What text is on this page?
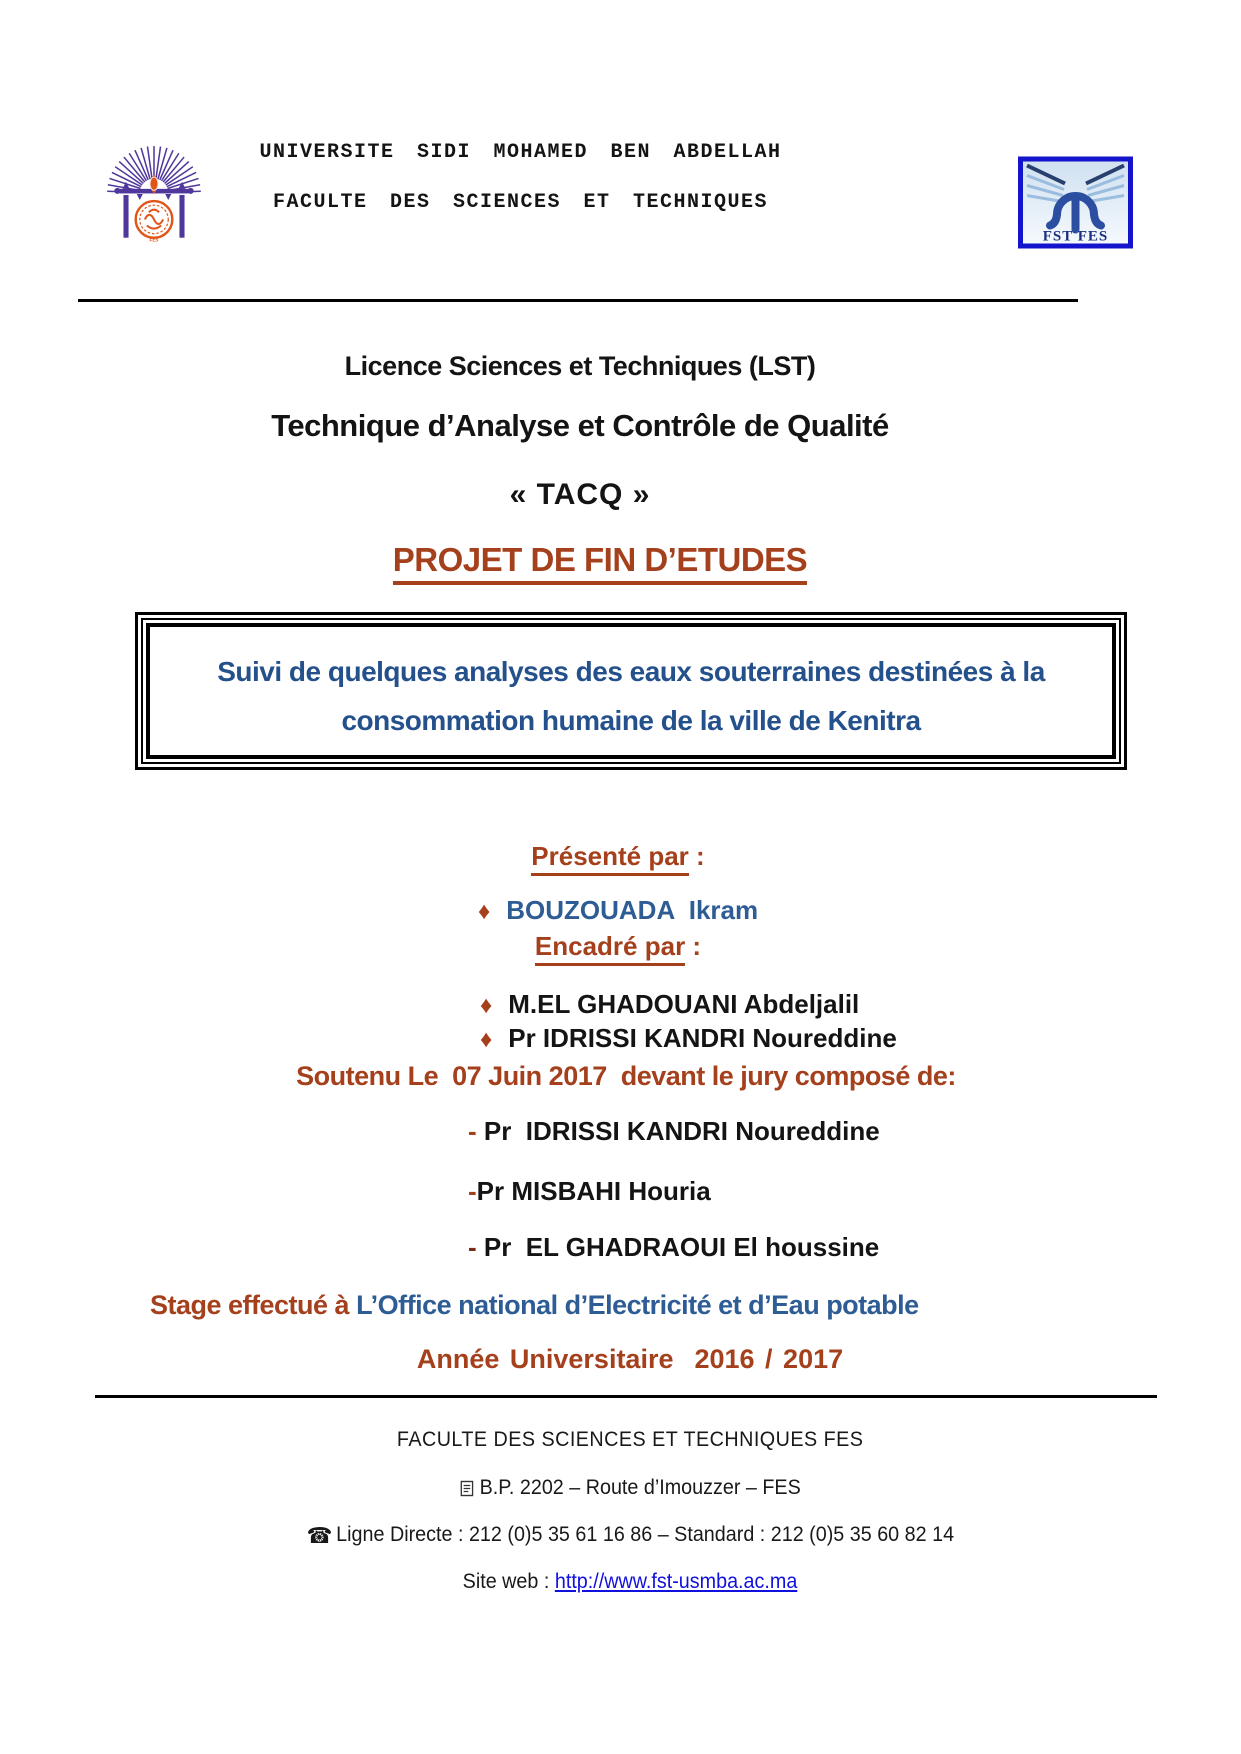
FES
UNIVERSITE SIDI MOHAMED BEN ABDELLAH
FACULTE DES SCIENCES ET TECHNIQUES
FST FES
Licence Sciences et Techniques (LST)
Technique d’Analyse et Contrôle de Qualité
« TACQ »
PROJET DE FIN D’ETUDES
Suivi de quelques analyses des eaux souterraines destinées à la
consommation humaine de la ville de Kenitra
Présenté par :
♦ BOUZOUADA  Ikram
Encadré par :
♦ M.EL GHADOUANI Abdeljalil
♦ Pr IDRISSI KANDRI Noureddine
Soutenu Le  07 Juin 2017  devant le jury composé de:
- Pr  IDRISSI KANDRI Noureddine
-Pr MISBAHI Houria
- Pr  EL GHADRAOUI El houssine
Stage effectué à L’Office national d’Electricité et d’Eau potable
Année Universitaire  2016 / 2017
FACULTE DES SCIENCES ET TECHNIQUES FES
B.P. 2202 – Route d’Imouzzer – FES
☎ Ligne Directe : 212 (0)5 35 61 16 86 – Standard : 212 (0)5 35 60 82 14
Site web : http://www.fst-usmba.ac.ma
